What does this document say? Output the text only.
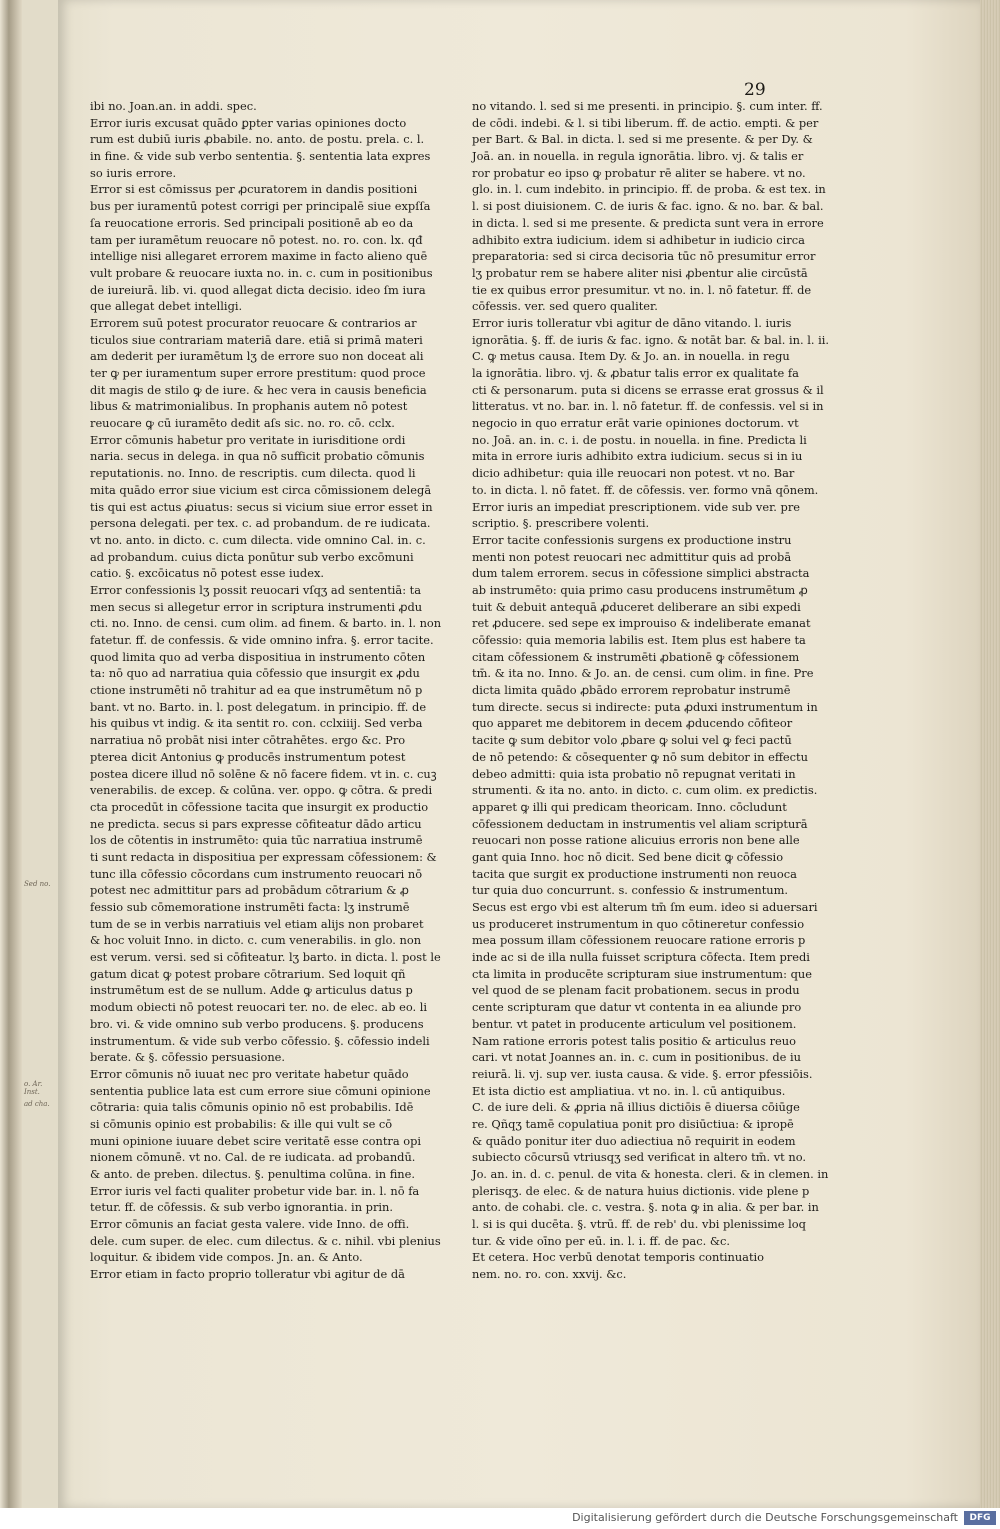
Sed no.
o. Ar. Inst.
ad cha.
29
ibi no. Joan.an. in addi. spec.
Error iuris excusat quādo ꝑpter varias opiniones docto
rum est dubiū iuris ꝓbabile. no. anto. de postu. prela. c. l.
in fine. & vide sub verbo sententia. §. sententia lata expres
so iuris errore.
Error si est cōmissus per ꝓcuratorem in dandis positioni
bus per iuramentū potest corrigi per principalē siue expſſa
ſa reuocatione erroris. Sed principali positionē ab eo da
tam per iuramētum reuocare nō potest. no. ro. con. lx. qđ
intellige nisi allegaret errorem maxime in facto alieno quē
vult probare & reuocare iuxta no. in. c. cum in positionibus
de iureiurā. lib. vi. quod allegat dicta decisio. ideo ſm iura
que allegat debet intelligi.
Errorem suū potest procurator reuocare & contrarios ar
ticulos siue contrariam materiā dare. etiā si primā materi
am dederit per iuramētum lʒ de errore suo non doceat ali
ter ꝙ per iuramentum super errore prestitum: quod proce
dit magis de stilo ꝙ de iure. & hec vera in causis beneficia
libus & matrimonialibus. In prophanis autem nō potest
reuocare ꝙ cū iuramēto dedit aſs sic. no. ro. cō. cclx.
Error cōmunis habetur pro veritate in iurisditione ordi
naria. secus in delega. in qua nō sufficit probatio cōmunis
reputationis. no. Inno. de rescriptis. cum dilecta. quod li
mita quādo error siue vicium est circa cōmissionem delegā
tis qui est actus ꝓiuatus: secus si vicium siue error esset in
persona delegati. per tex. c. ad probandum. de re iudicata.
vt no. anto. in dicto. c. cum dilecta. vide omnino Cal. in. c.
ad probandum. cuius dicta ponūtur sub verbo excōmuni
catio. §. excōicatus nō potest esse iudex.
Error confessionis lʒ possit reuocari vſqʒ ad sententiā: ta
men secus si allegetur error in scriptura instrumenti ꝓdu
cti. no. Inno. de censi. cum olim. ad finem. & barto. in. l. non
fatetur. ff. de confessis. & vide omnino infra. §. error tacite.
quod limita quo ad verba dispositiua in instrumento cōten
ta: nō quo ad narratiua quia cōfessio que insurgit ex ꝓdu
ctione instrumēti nō trahitur ad ea que instrumētum nō p
bant. vt no. Barto. in. l. post delegatum. in principio. ff. de
his quibus vt indig. & ita sentit ro. con. cclxiiij. Sed verba
narratiua nō probāt nisi inter cōtrahētes. ergo &c. Pro
pterea dicit Antonius ꝙ producēs instrumentum potest
postea dicere illud nō solēne & nō facere fidem. vt in. c. cuꝫ
venerabilis. de excep. & colūna. ver. oppo. ꝙ cōtra. & predi
cta procedūt in cōfessione tacita que insurgit ex productio
ne predicta. secus si pars expresse cōfiteatur dādo articu
los de cōtentis in instrumēto: quia tūc narratiua instrumē
ti sunt redacta in dispositiua per expressam cōfessionem: &
tunc illa cōfessio cōcordans cum instrumento reuocari nō
potest nec admittitur pars ad probādum cōtrarium & ꝓ
fessio sub cōmemoratione instrumēti facta: lʒ instrumē
tum de se in verbis narratiuis vel etiam alijs non probaret
& hoc voluit Inno. in dicto. c. cum venerabilis. in glo. non
est verum. versi. sed si cōfiteatur. lʒ barto. in dicta. l. post le
gatum dicat ꝙ potest probare cōtrarium. Sed loquit qñ
instrumētum est de se nullum. Adde ꝙ articulus datus p
modum obiecti nō potest reuocari ter. no. de elec. ab eo. li
bro. vi. & vide omnino sub verbo producens. §. producens
instrumentum. & vide sub verbo cōfessio. §. cōfessio indeli
berate. & §. cōfessio persuasione.
Error cōmunis nō iuuat nec pro veritate habetur quādo
sententia publice lata est cum errore siue cōmuni opinione
cōtraria: quia talis cōmunis opinio nō est probabilis. Idē
si cōmunis opinio est probabilis: & ille qui vult se cō
muni opinione iuuare debet scire veritatē esse contra opi
nionem cōmunē. vt no. Cal. de re iudicata. ad probandū.
& anto. de preben. dilectus. §. penultima colūna. in fine.
Error iuris vel facti qualiter probetur vide bar. in. l. nō fa
tetur. ff. de cōfessis. & sub verbo ignorantia. in prin.
Error cōmunis an faciat gesta valere. vide Inno. de offi.
dele. cum super. de elec. cum dilectus. & c. nihil. vbi plenius
loquitur. & ibidem vide compos. Jn. an. & Anto.
Error etiam in facto proprio tolleratur vbi agitur de dā
no vitando. l. sed si me presenti. in principio. §. cum inter. ff.
de cōdi. indebi. & l. si tibi liberum. ff. de actio. empti. & per
per Bart. & Bal. in dicta. l. sed si me presente. & per Dy. &
Joā. an. in nouella. in regula ignorātia. libro. vj. & talis er
ror probatur eo ipso ꝙ probatur rē aliter se habere. vt no.
glo. in. l. cum indebito. in principio. ff. de proba. & est tex. in
l. si post diuisionem. C. de iuris & fac. igno. & no. bar. & bal.
in dicta. l. sed si me presente. & predicta sunt vera in errore
adhibito extra iudicium. idem si adhibetur in iudicio circa
preparatoria: sed si circa decisoria tūc nō presumitur error
lʒ probatur rem se habere aliter nisi ꝓbentur alie circūstā
tie ex quibus error presumitur. vt no. in. l. nō fatetur. ff. de
cōfessis. ver. sed quero qualiter.
Error iuris tolleratur vbi agitur de dāno vitando. l. iuris
ignorātia. §. ff. de iuris & fac. igno. & notāt bar. & bal. in. l. ii.
C. ꝙ metus causa. Item Dy. & Jo. an. in nouella. in regu
la ignorātia. libro. vj. & ꝓbatur talis error ex qualitate fa
cti & personarum. puta si dicens se errasse erat grossus & il
litteratus. vt no. bar. in. l. nō fatetur. ff. de confessis. vel si in
negocio in quo erratur erāt varie opiniones doctorum. vt
no. Joā. an. in. c. i. de postu. in nouella. in fine. Predicta li
mita in errore iuris adhibito extra iudicium. secus si in iu
dicio adhibetur: quia ille reuocari non potest. vt no. Bar
to. in dicta. l. nō fatet. ff. de cōfessis. ver. formo vnā qōnem.
Error iuris an impediat prescriptionem. vide sub ver. pre
scriptio. §. prescribere volenti.
Error tacite confessionis surgens ex productione instru
menti non potest reuocari nec admittitur quis ad probā
dum talem errorem. secus in cōfessione simplici abstracta
ab instrumēto: quia primo casu producens instrumētum ꝓ
tuit & debuit antequā ꝓduceret deliberare an sibi expedi
ret ꝓducere. sed sepe ex improuiso & indeliberate emanat
cōfessio: quia memoria labilis est. Item plus est habere ta
citam cōfessionem & instrumēti ꝓbationē ꝙ cōfessionem
tm̄. & ita no. Inno. & Jo. an. de censi. cum olim. in fine. Pre
dicta limita quādo ꝓbādo errorem reprobatur instrumē
tum directe. secus si indirecte: puta ꝓduxi instrumentum in
quo apparet me debitorem in decem ꝓducendo cōfiteor
tacite ꝙ sum debitor volo ꝓbare ꝙ solui vel ꝙ feci pactū
de nō petendo: & cōsequenter ꝙ nō sum debitor in effectu
debeo admitti: quia ista probatio nō repugnat veritati in
strumenti. & ita no. anto. in dicto. c. cum olim. ex predictis.
apparet ꝙ illi qui predicam theoricam. Inno. cōcludunt
cōfessionem deductam in instrumentis vel aliam scripturā
reuocari non posse ratione alicuius erroris non bene alle
gant quia Inno. hoc nō dicit. Sed bene dicit ꝙ cōfessio
tacita que surgit ex productione instrumenti non reuoca
tur quia duo concurrunt. s. confessio & instrumentum.
Secus est ergo vbi est alterum tm̄ ſm eum. ideo si aduersari
us produceret instrumentum in quo cōtineretur confessio
mea possum illam cōfessionem reuocare ratione erroris p
inde ac si de illa nulla fuisset scriptura cōfecta. Item predi
cta limita in producēte scripturam siue instrumentum: que
vel quod de se plenam facit probationem. secus in produ
cente scripturam que datur vt contenta in ea aliunde pro
bentur. vt patet in producente articulum vel positionem.
Nam ratione erroris potest talis positio & articulus reuo
cari. vt notat Joannes an. in. c. cum in positionibus. de iu
reiurā. li. vj. sup ver. iusta causa. & vide. §. error pfessiōis.
Et ista dictio est ampliatiua. vt no. in. l. cū antiquibus.
C. de iure deli. & ꝓpria nā illius dictiōis ē diuersa cōiūge
re. Qñqʒ tamē copulatiua ponit pro disiūctiua: & ipropē
& quādo ponitur iter duo adiectiua nō requirit in eodem
subiecto cōcursū vtriusqʒ sed verificat in altero tm̄. vt no.
Jo. an. in. d. c. penul. de vita & honesta. cleri. & in clemen. in
plerisqʒ. de elec. & de natura huius dictionis. vide plene p
anto. de cohabi. cle. c. vestra. §. nota ꝙ in alia. & per bar. in
l. si is qui ducēta. §. vtrū. ff. de reb' du. vbi plenissime loq
tur. & vide oīno per eū. in. l. i. ff. de pac. &c.
Et cetera. Hoc verbū denotat temporis continuatio
nem. no. ro. con. xxvij. &c.
Digitalisierung gefördert durch die Deutsche Forschungsgemeinschaft	DFG
